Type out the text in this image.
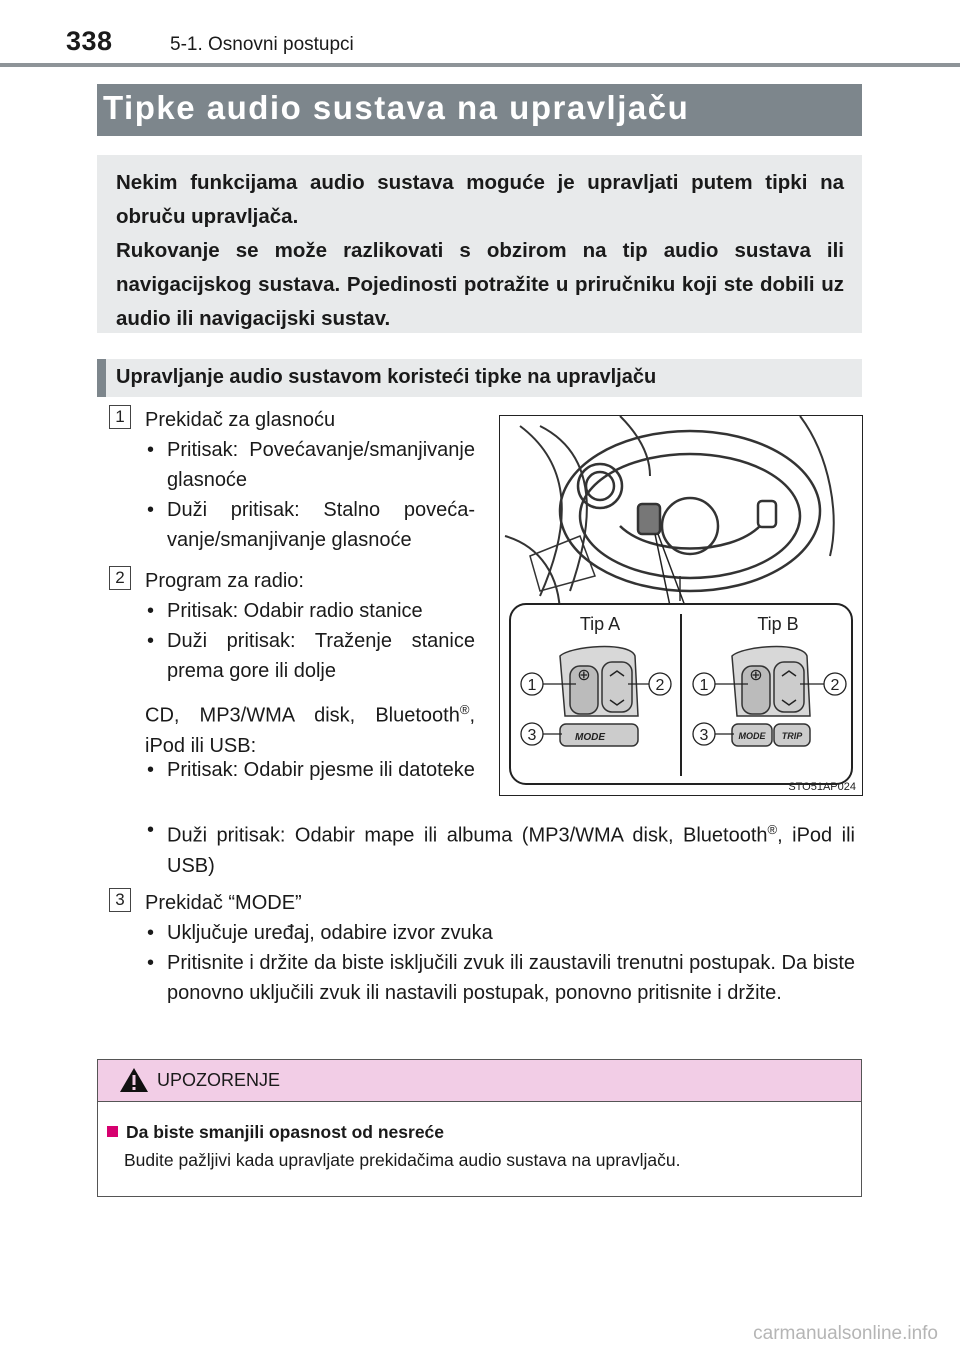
338	5-1. Osnovni postupci
Tipke audio sustava na upravljaču

Nekim funkcijama audio sustava moguće je upravljati putem tipki na obruču upravljača.

Rukovanje se može razlikovati s obzirom na tip audio sustava ili navigacijskog sustava. Pojedinosti potražite u priručniku koji ste dobili uz audio ili navigacijski sustav.

Upravljanje audio sustavom koristeći tipke na upravljaču
1	Prekidač za glasnoću
• Pritisak: Povećavanje/smanjivanje glasnoće
• Duži pritisak: Stalno povećavanje/smanjivanje glasnoće
2	Program za radio:
• Pritisak: Odabir radio stanice
• Duži pritisak: Traženje stanice prema gore ili dolje
CD, MP3/WMA disk, Bluetooth®, iPod ili USB:
• Pritisak: Odabir pjesme ili datoteke
• Duži pritisak: Odabir mape ili albuma (MP3/WMA disk, Bluetooth®, iPod ili USB)
3	Prekidač “MODE”
• Uključuje uređaj, odabire izvor zvuka
• Pritisnite i držite da biste isključili zvuk ili zaustavili trenutni postupak. Da biste ponovno uključili zvuk ili nastavili postupak, ponovno pritisnite i držite.
Tip A	Tip B
⊕
MODE
1	2
3
⊕
MODE TRIP
1	2
3
STO51AP024
UPOZORENJE
Da biste smanjili opasnost od nesreće
Budite pažljivi kada upravljate prekidačima audio sustava na upravljaču.
carmanualsonline.info
